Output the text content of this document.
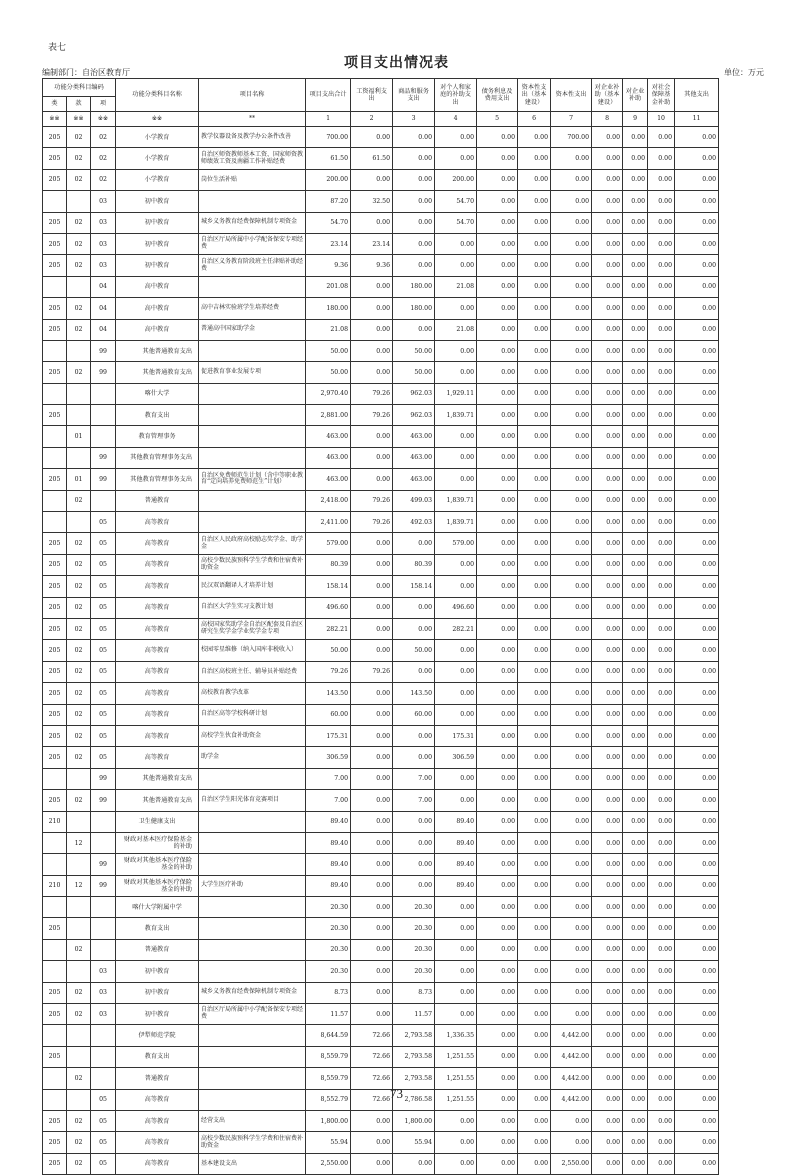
表七
项目支出情况表
编制部门：自治区教育厅	单位：万元
功能分类科目编码			功能分类科目名称	项目名称	项目支出合计	工资福利支出	商品和服务支出	对个人和家庭的补助支出	债务利息及费用支出	资本性支出（基本建设）	资本性支出	对企业补助（基本建设）	对企业补助	对社会保障基金补助	其他支出
类	款	项													
※※	※※	※※	※※	**	1	2	3	4	5	6	7	8	9	10	11
205	02	02	小学教育	教学仪器设备及教学办公条件改善	700.00	0.00	0.00	0.00	0.00	0.00	700.00	0.00	0.00	0.00	0.00
205	02	02	小学教育	自治区师资教师基本工资、国家师资教师绩效工资及南疆工作补贴经费	61.50	61.50	0.00	0.00	0.00	0.00	0.00	0.00	0.00	0.00	0.00
205	02	02	小学教育	岗位生活补贴	200.00	0.00	0.00	200.00	0.00	0.00	0.00	0.00	0.00	0.00	0.00
		03	初中教育		87.20	32.50	0.00	54.70	0.00	0.00	0.00	0.00	0.00	0.00	0.00
205	02	03	初中教育	城乡义务教育经费保障机制专项资金	54.70	0.00	0.00	54.70	0.00	0.00	0.00	0.00	0.00	0.00	0.00
205	02	03	初中教育	自治区厅局所属中小学配备保安专项经费	23.14	23.14	0.00	0.00	0.00	0.00	0.00	0.00	0.00	0.00	0.00
205	02	03	初中教育	自治区义务教育阶段班主任津贴补助经费	9.36	9.36	0.00	0.00	0.00	0.00	0.00	0.00	0.00	0.00	0.00
		04	高中教育		201.08	0.00	180.00	21.08	0.00	0.00	0.00	0.00	0.00	0.00	0.00
205	02	04	高中教育	高中吉林实验班学生培养经费	180.00	0.00	180.00	0.00	0.00	0.00	0.00	0.00	0.00	0.00	0.00
205	02	04	高中教育	普通高中国家助学金	21.08	0.00	0.00	21.08	0.00	0.00	0.00	0.00	0.00	0.00	0.00
		99	其他普通教育支出		50.00	0.00	50.00	0.00	0.00	0.00	0.00	0.00	0.00	0.00	0.00
205	02	99	其他普通教育支出	促进教育事业发展专项	50.00	0.00	50.00	0.00	0.00	0.00	0.00	0.00	0.00	0.00	0.00
			喀什大学		2,970.40	79.26	962.03	1,929.11	0.00	0.00	0.00	0.00	0.00	0.00	0.00
205			教育支出		2,881.00	79.26	962.03	1,839.71	0.00	0.00	0.00	0.00	0.00	0.00	0.00
	01		教育管理事务		463.00	0.00	463.00	0.00	0.00	0.00	0.00	0.00	0.00	0.00	0.00
		99	其他教育管理事务支出		463.00	0.00	463.00	0.00	0.00	0.00	0.00	0.00	0.00	0.00	0.00
205	01	99	其他教育管理事务支出	自治区免费师范生计划（含中等职业教育“定向培养免费师范生”计划）	463.00	0.00	463.00	0.00	0.00	0.00	0.00	0.00	0.00	0.00	0.00
	02		普通教育		2,418.00	79.26	499.03	1,839.71	0.00	0.00	0.00	0.00	0.00	0.00	0.00
		05	高等教育		2,411.00	79.26	492.03	1,839.71	0.00	0.00	0.00	0.00	0.00	0.00	0.00
205	02	05	高等教育	自治区人民政府高校励志奖学金、助学金	579.00	0.00	0.00	579.00	0.00	0.00	0.00	0.00	0.00	0.00	0.00
205	02	05	高等教育	高校少数民族预科学生学费和住宿费补助资金	80.39	0.00	80.39	0.00	0.00	0.00	0.00	0.00	0.00	0.00	0.00
205	02	05	高等教育	民汉双语翻译人才培养计划	158.14	0.00	158.14	0.00	0.00	0.00	0.00	0.00	0.00	0.00	0.00
205	02	05	高等教育	自治区大学生实习支教计划	496.60	0.00	0.00	496.60	0.00	0.00	0.00	0.00	0.00	0.00	0.00
205	02	05	高等教育	高校国家奖助学金自治区配套及自治区研究生奖学金学业奖学金专项	282.21	0.00	0.00	282.21	0.00	0.00	0.00	0.00	0.00	0.00	0.00
205	02	05	高等教育	校园零星维修（纳入国库非税收入）	50.00	0.00	50.00	0.00	0.00	0.00	0.00	0.00	0.00	0.00	0.00
205	02	05	高等教育	自治区高校班主任、辅导员补贴经费	79.26	79.26	0.00	0.00	0.00	0.00	0.00	0.00	0.00	0.00	0.00
205	02	05	高等教育	高校教育教学改革	143.50	0.00	143.50	0.00	0.00	0.00	0.00	0.00	0.00	0.00	0.00
205	02	05	高等教育	自治区高等学校科研计划	60.00	0.00	60.00	0.00	0.00	0.00	0.00	0.00	0.00	0.00	0.00
205	02	05	高等教育	高校学生伙食补助资金	175.31	0.00	0.00	175.31	0.00	0.00	0.00	0.00	0.00	0.00	0.00
205	02	05	高等教育	助学金	306.59	0.00	0.00	306.59	0.00	0.00	0.00	0.00	0.00	0.00	0.00
		99	其他普通教育支出		7.00	0.00	7.00	0.00	0.00	0.00	0.00	0.00	0.00	0.00	0.00
205	02	99	其他普通教育支出	自治区学生阳光体育竞赛项目	7.00	0.00	7.00	0.00	0.00	0.00	0.00	0.00	0.00	0.00	0.00
210			卫生健康支出		89.40	0.00	0.00	89.40	0.00	0.00	0.00	0.00	0.00	0.00	0.00
	12		财政对基本医疗保险基金的补助		89.40	0.00	0.00	89.40	0.00	0.00	0.00	0.00	0.00	0.00	0.00
		99	财政对其他基本医疗保险基金的补助		89.40	0.00	0.00	89.40	0.00	0.00	0.00	0.00	0.00	0.00	0.00
210	12	99	财政对其他基本医疗保险基金的补助	大学生医疗补助	89.40	0.00	0.00	89.40	0.00	0.00	0.00	0.00	0.00	0.00	0.00
			喀什大学附属中学		20.30	0.00	20.30	0.00	0.00	0.00	0.00	0.00	0.00	0.00	0.00
205			教育支出		20.30	0.00	20.30	0.00	0.00	0.00	0.00	0.00	0.00	0.00	0.00
	02		普通教育		20.30	0.00	20.30	0.00	0.00	0.00	0.00	0.00	0.00	0.00	0.00
		03	初中教育		20.30	0.00	20.30	0.00	0.00	0.00	0.00	0.00	0.00	0.00	0.00
205	02	03	初中教育	城乡义务教育经费保障机制专项资金	8.73	0.00	8.73	0.00	0.00	0.00	0.00	0.00	0.00	0.00	0.00
205	02	03	初中教育	自治区厅局所属中小学配备保安专项经费	11.57	0.00	11.57	0.00	0.00	0.00	0.00	0.00	0.00	0.00	0.00
			伊犁师范学院		8,644.59	72.66	2,793.58	1,336.35	0.00	0.00	4,442.00	0.00	0.00	0.00	0.00
205			教育支出		8,559.79	72.66	2,793.58	1,251.55	0.00	0.00	4,442.00	0.00	0.00	0.00	0.00
	02		普通教育		8,559.79	72.66	2,793.58	1,251.55	0.00	0.00	4,442.00	0.00	0.00	0.00	0.00
		05	高等教育		8,552.79	72.66	2,786.58	1,251.55	0.00	0.00	4,442.00	0.00	0.00	0.00	0.00
205	02	05	高等教育	经营支出	1,800.00	0.00	1,800.00	0.00	0.00	0.00	0.00	0.00	0.00	0.00	0.00
205	02	05	高等教育	高校少数民族预科学生学费和住宿费补助资金	55.94	0.00	55.94	0.00	0.00	0.00	0.00	0.00	0.00	0.00	0.00
205	02	05	高等教育	基本建设支出	2,550.00	0.00	0.00	0.00	0.00	0.00	2,550.00	0.00	0.00	0.00	0.00
73
